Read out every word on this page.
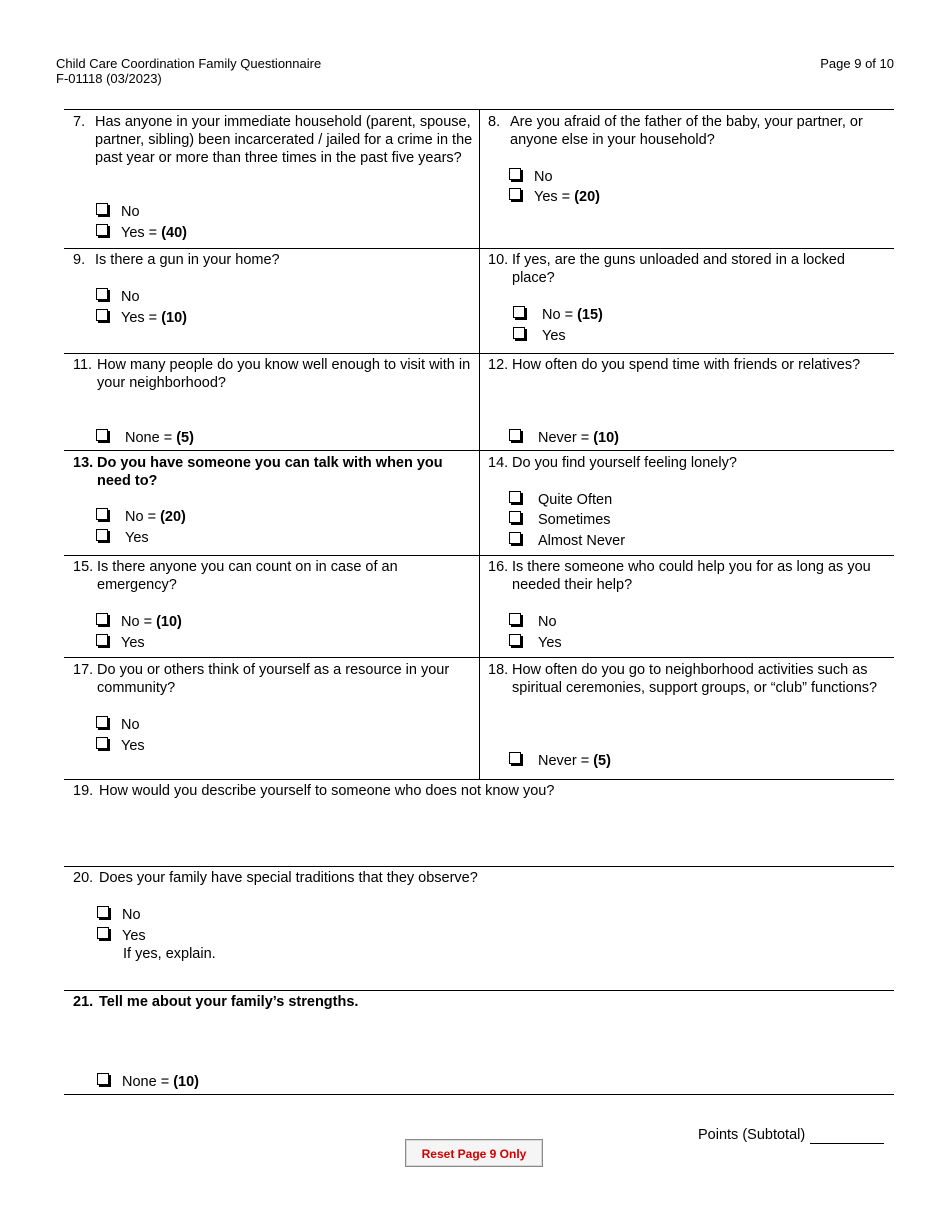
Child Care Coordination Family Questionnaire
F-01118 (03/2023)
Page 9 of 10
7. Has anyone in your immediate household (parent, spouse, partner, sibling) been incarcerated / jailed for a crime in the past year or more than three times in the past five years?
No
Yes = (40)
8. Are you afraid of the father of the baby, your partner, or anyone else in your household?
No
Yes = (20)
9. Is there a gun in your home?
No
Yes = (10)
10. If yes, are the guns unloaded and stored in a locked place?
No = (15)
Yes
11. How many people do you know well enough to visit with in your neighborhood?
None = (5)
12. How often do you spend time with friends or relatives?
Never = (10)
13. Do you have someone you can talk with when you need to?
No = (20)
Yes
14. Do you find yourself feeling lonely?
Quite Often
Sometimes
Almost Never
15. Is there anyone you can count on in case of an emergency?
No = (10)
Yes
16. Is there someone who could help you for as long as you needed their help?
No
Yes
17. Do you or others think of yourself as a resource in your community?
No
Yes
18. How often do you go to neighborhood activities such as spiritual ceremonies, support groups, or “club” functions?
Never = (5)
19. How would you describe yourself to someone who does not know you?
20. Does your family have special traditions that they observe?
No
Yes
If yes, explain.
21. Tell me about your family’s strengths.
None = (10)
Points (Subtotal)
Reset Page 9 Only
